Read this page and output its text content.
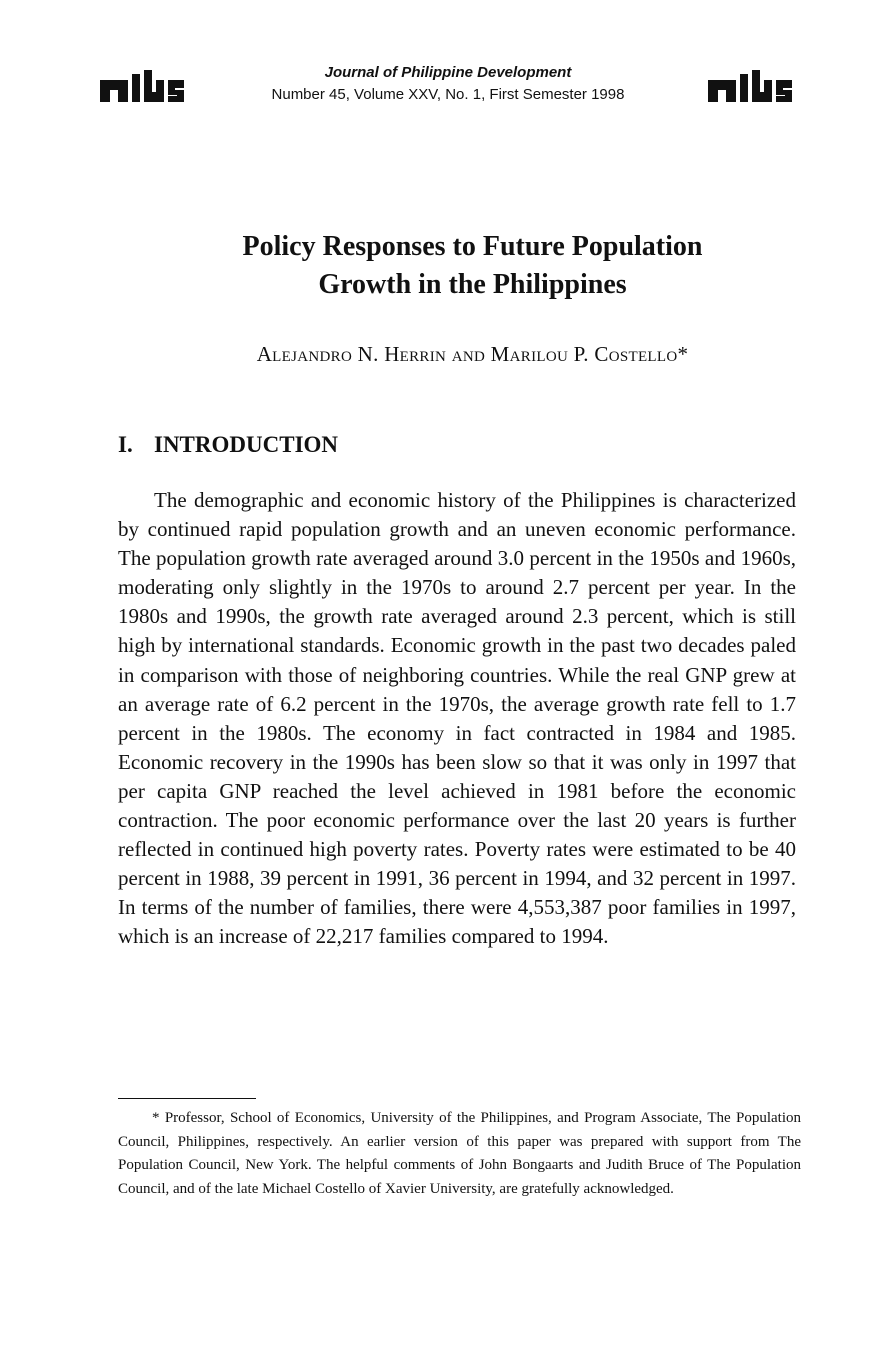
Journal of Philippine Development
Number 45, Volume XXV, No. 1, First Semester 1998
Policy Responses to Future Population
Growth in the Philippines
Alejandro N. Herrin and Marilou P. Costello*
I. INTRODUCTION

The demographic and economic history of the Philippines is characterized by continued rapid population growth and an uneven economic performance. The population growth rate averaged around 3.0 percent in the 1950s and 1960s, moderating only slightly in the 1970s to around 2.7 percent per year. In the 1980s and 1990s, the growth rate averaged around 2.3 percent, which is still high by international standards. Economic growth in the past two decades paled in comparison with those of neighboring countries. While the real GNP grew at an average rate of 6.2 percent in the 1970s, the average growth rate fell to 1.7 percent in the 1980s. The economy in fact contracted in 1984 and 1985. Economic recovery in the 1990s has been slow so that it was only in 1997 that per capita GNP reached the level achieved in 1981 before the economic contraction. The poor economic performance over the last 20 years is further reflected in continued high poverty rates. Poverty rates were estimated to be 40 percent in 1988, 39 percent in 1991, 36 percent in 1994, and 32 percent in 1997. In terms of the number of families, there were 4,553,387 poor families in 1997, which is an increase of 22,217 families compared to 1994.

* Professor, School of Economics, University of the Philippines, and Program Associate, The Population Council, Philippines, respectively. An earlier version of this paper was prepared with support from The Population Council, New York. The helpful comments of John Bongaarts and Judith Bruce of The Population Council, and of the late Michael Costello of Xavier University, are gratefully acknowledged.
